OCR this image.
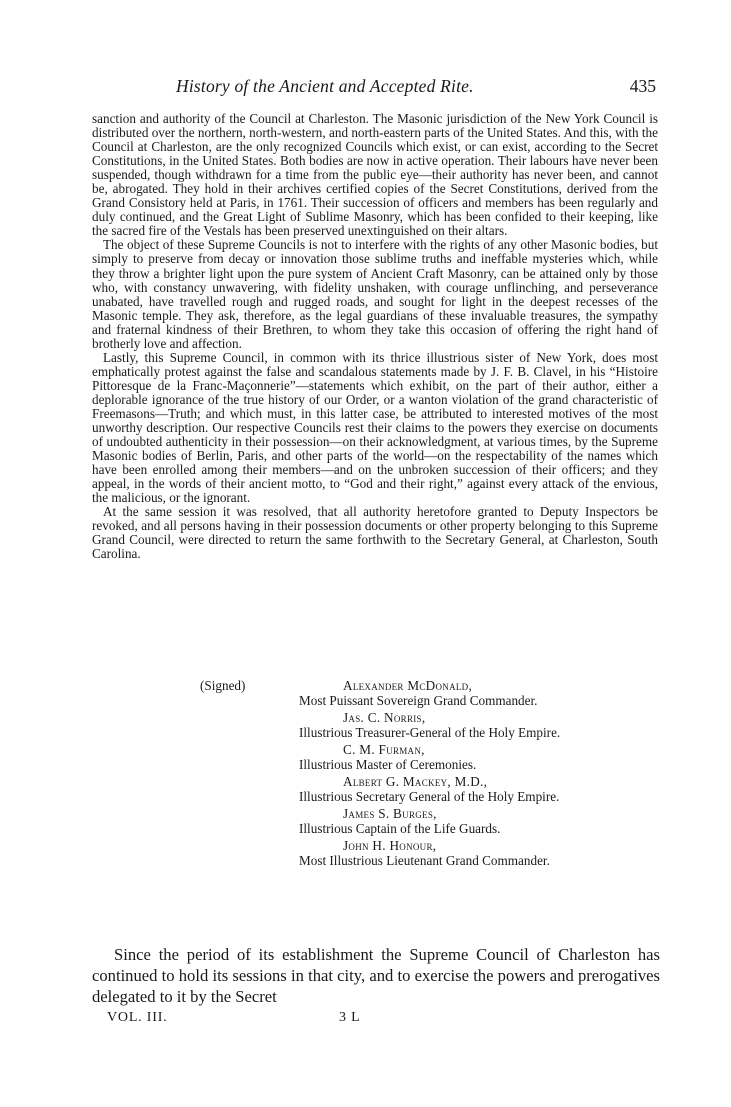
History of the Ancient and Accepted Rite.	435

sanction and authority of the Council at Charleston. The Masonic jurisdiction of the New York Council is distributed over the northern, north-western, and north-eastern parts of the United States. And this, with the Council at Charleston, are the only recognized Councils which exist, or can exist, according to the Secret Constitutions, in the United States. Both bodies are now in active operation. Their labours have never been suspended, though withdrawn for a time from the public eye—their authority has never been, and cannot be, abrogated. They hold in their archives certified copies of the Secret Constitutions, derived from the Grand Consistory held at Paris, in 1761. Their succession of officers and members has been regularly and duly continued, and the Great Light of Sublime Masonry, which has been confided to their keeping, like the sacred fire of the Vestals has been preserved unextinguished on their altars.

The object of these Supreme Councils is not to interfere with the rights of any other Masonic bodies, but simply to preserve from decay or innovation those sublime truths and ineffable mysteries which, while they throw a brighter light upon the pure system of Ancient Craft Masonry, can be attained only by those who, with constancy unwavering, with fidelity unshaken, with courage unflinching, and perseverance unabated, have travelled rough and rugged roads, and sought for light in the deepest recesses of the Masonic temple. They ask, therefore, as the legal guardians of these invaluable treasures, the sympathy and fraternal kindness of their Brethren, to whom they take this occasion of offering the right hand of brotherly love and affection.

Lastly, this Supreme Council, in common with its thrice illustrious sister of New York, does most emphatically protest against the false and scandalous statements made by J. F. B. Clavel, in his “Histoire Pittoresque de la Franc-Maçonnerie”—statements which exhibit, on the part of their author, either a deplorable ignorance of the true history of our Order, or a wanton violation of the grand characteristic of Freemasons—Truth; and which must, in this latter case, be attributed to interested motives of the most unworthy description. Our respective Councils rest their claims to the powers they exercise on documents of undoubted authenticity in their possession—on their acknowledgment, at various times, by the Supreme Masonic bodies of Berlin, Paris, and other parts of the world—on the respectability of the names which have been enrolled among their members—and on the unbroken succession of their officers; and they appeal, in the words of their ancient motto, to “God and their right,” against every attack of the envious, the malicious, or the ignorant.

At the same session it was resolved, that all authority heretofore granted to Deputy Inspectors be revoked, and all persons having in their possession documents or other property belonging to this Supreme Grand Council, were directed to return the same forthwith to the Secretary General, at Charleston, South Carolina.

(Signed)	Alexander McDonald,
Most Puissant Sovereign Grand Commander.
Jas. C. Norris,
Illustrious Treasurer-General of the Holy Empire.
C. M. Furman,
Illustrious Master of Ceremonies.
Albert G. Mackey, M.D.,
Illustrious Secretary General of the Holy Empire.
James S. Burges,
Illustrious Captain of the Life Guards.
John H. Honour,
Most Illustrious Lieutenant Grand Commander.

Since the period of its establishment the Supreme Council of Charleston has continued to hold its sessions in that city, and to exercise the powers and prerogatives delegated to it by the Secret

VOL. III.	3 L
